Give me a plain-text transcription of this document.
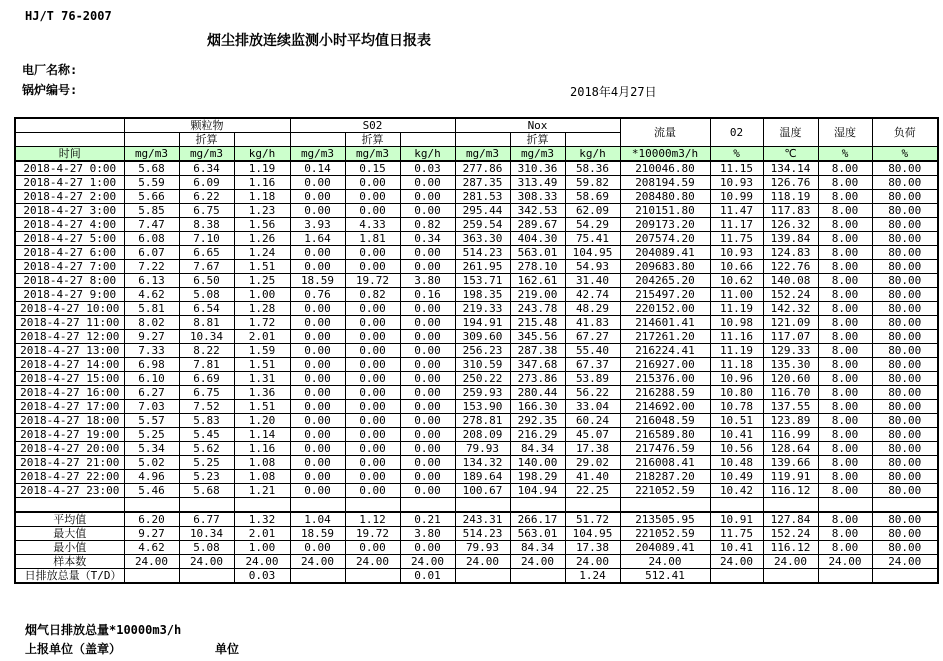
HJ/T 76-2007
烟尘排放连续监测小时平均值日报表
电厂名称:
锅炉编号:	2018年4月27日
	颗粒物			S02			Nox			流量	02	温度	湿度	负荷
		折算			折算			折算						
时间	mg/m3	mg/m3	kg/h	mg/m3	mg/m3	kg/h	mg/m3	mg/m3	kg/h	*10000m3/h	%	℃	%	%
2018-4-27 0:00	5.68	6.34	1.19	0.14	0.15	0.03	277.86	310.36	58.36	210046.80	11.15	134.14	8.00	80.00
2018-4-27 1:00	5.59	6.09	1.16	0.00	0.00	0.00	287.35	313.49	59.82	208194.59	10.93	126.76	8.00	80.00
2018-4-27 2:00	5.66	6.22	1.18	0.00	0.00	0.00	281.53	308.33	58.69	208480.80	10.99	118.19	8.00	80.00
2018-4-27 3:00	5.85	6.75	1.23	0.00	0.00	0.00	295.44	342.53	62.09	210151.80	11.47	117.83	8.00	80.00
2018-4-27 4:00	7.47	8.38	1.56	3.93	4.33	0.82	259.54	289.67	54.29	209173.20	11.17	126.32	8.00	80.00
2018-4-27 5:00	6.08	7.10	1.26	1.64	1.81	0.34	363.30	404.30	75.41	207574.20	11.75	139.84	8.00	80.00
2018-4-27 6:00	6.07	6.65	1.24	0.00	0.00	0.00	514.23	563.01	104.95	204089.41	10.93	124.83	8.00	80.00
2018-4-27 7:00	7.22	7.67	1.51	0.00	0.00	0.00	261.95	278.10	54.93	209683.80	10.66	122.76	8.00	80.00
2018-4-27 8:00	6.13	6.50	1.25	18.59	19.72	3.80	153.71	162.61	31.40	204265.20	10.62	140.08	8.00	80.00
2018-4-27 9:00	4.62	5.08	1.00	0.76	0.82	0.16	198.35	219.00	42.74	215497.20	11.00	152.24	8.00	80.00
2018-4-27 10:00	5.81	6.54	1.28	0.00	0.00	0.00	219.33	243.78	48.29	220152.00	11.19	142.32	8.00	80.00
2018-4-27 11:00	8.02	8.81	1.72	0.00	0.00	0.00	194.91	215.48	41.83	214601.41	10.98	121.09	8.00	80.00
2018-4-27 12:00	9.27	10.34	2.01	0.00	0.00	0.00	309.60	345.56	67.27	217261.20	11.16	117.07	8.00	80.00
2018-4-27 13:00	7.33	8.22	1.59	0.00	0.00	0.00	256.23	287.38	55.40	216224.41	11.19	129.33	8.00	80.00
2018-4-27 14:00	6.98	7.81	1.51	0.00	0.00	0.00	310.59	347.68	67.37	216927.00	11.18	135.30	8.00	80.00
2018-4-27 15:00	6.10	6.69	1.31	0.00	0.00	0.00	250.22	273.86	53.89	215376.00	10.96	120.60	8.00	80.00
2018-4-27 16:00	6.27	6.75	1.36	0.00	0.00	0.00	259.93	280.44	56.22	216288.59	10.80	116.70	8.00	80.00
2018-4-27 17:00	7.03	7.52	1.51	0.00	0.00	0.00	153.90	166.30	33.04	214692.00	10.78	137.55	8.00	80.00
2018-4-27 18:00	5.57	5.83	1.20	0.00	0.00	0.00	278.81	292.35	60.24	216048.59	10.51	123.89	8.00	80.00
2018-4-27 19:00	5.25	5.45	1.14	0.00	0.00	0.00	208.09	216.29	45.07	216589.80	10.41	116.99	8.00	80.00
2018-4-27 20:00	5.34	5.62	1.16	0.00	0.00	0.00	79.93	84.34	17.38	217476.59	10.56	128.64	8.00	80.00
2018-4-27 21:00	5.02	5.25	1.08	0.00	0.00	0.00	134.32	140.00	29.02	216008.41	10.48	139.66	8.00	80.00
2018-4-27 22:00	4.96	5.23	1.08	0.00	0.00	0.00	189.64	198.29	41.40	218287.20	10.49	119.91	8.00	80.00
2018-4-27 23:00	5.46	5.68	1.21	0.00	0.00	0.00	100.67	104.94	22.25	221052.59	10.42	116.12	8.00	80.00

平均值	6.20	6.77	1.32	1.04	1.12	0.21	243.31	266.17	51.72	213505.95	10.91	127.84	8.00	80.00
最大值	9.27	10.34	2.01	18.59	19.72	3.80	514.23	563.01	104.95	221052.59	11.75	152.24	8.00	80.00
最小值	4.62	5.08	1.00	0.00	0.00	0.00	79.93	84.34	17.38	204089.41	10.41	116.12	8.00	80.00
样本数	24.00	24.00	24.00	24.00	24.00	24.00	24.00	24.00	24.00	24.00	24.00	24.00	24.00	24.00

日排放总量（T/D）			0.03			0.01			1.24	512.41				
烟气日排放总量*10000m3/h
上报单位（盖章）	单位
